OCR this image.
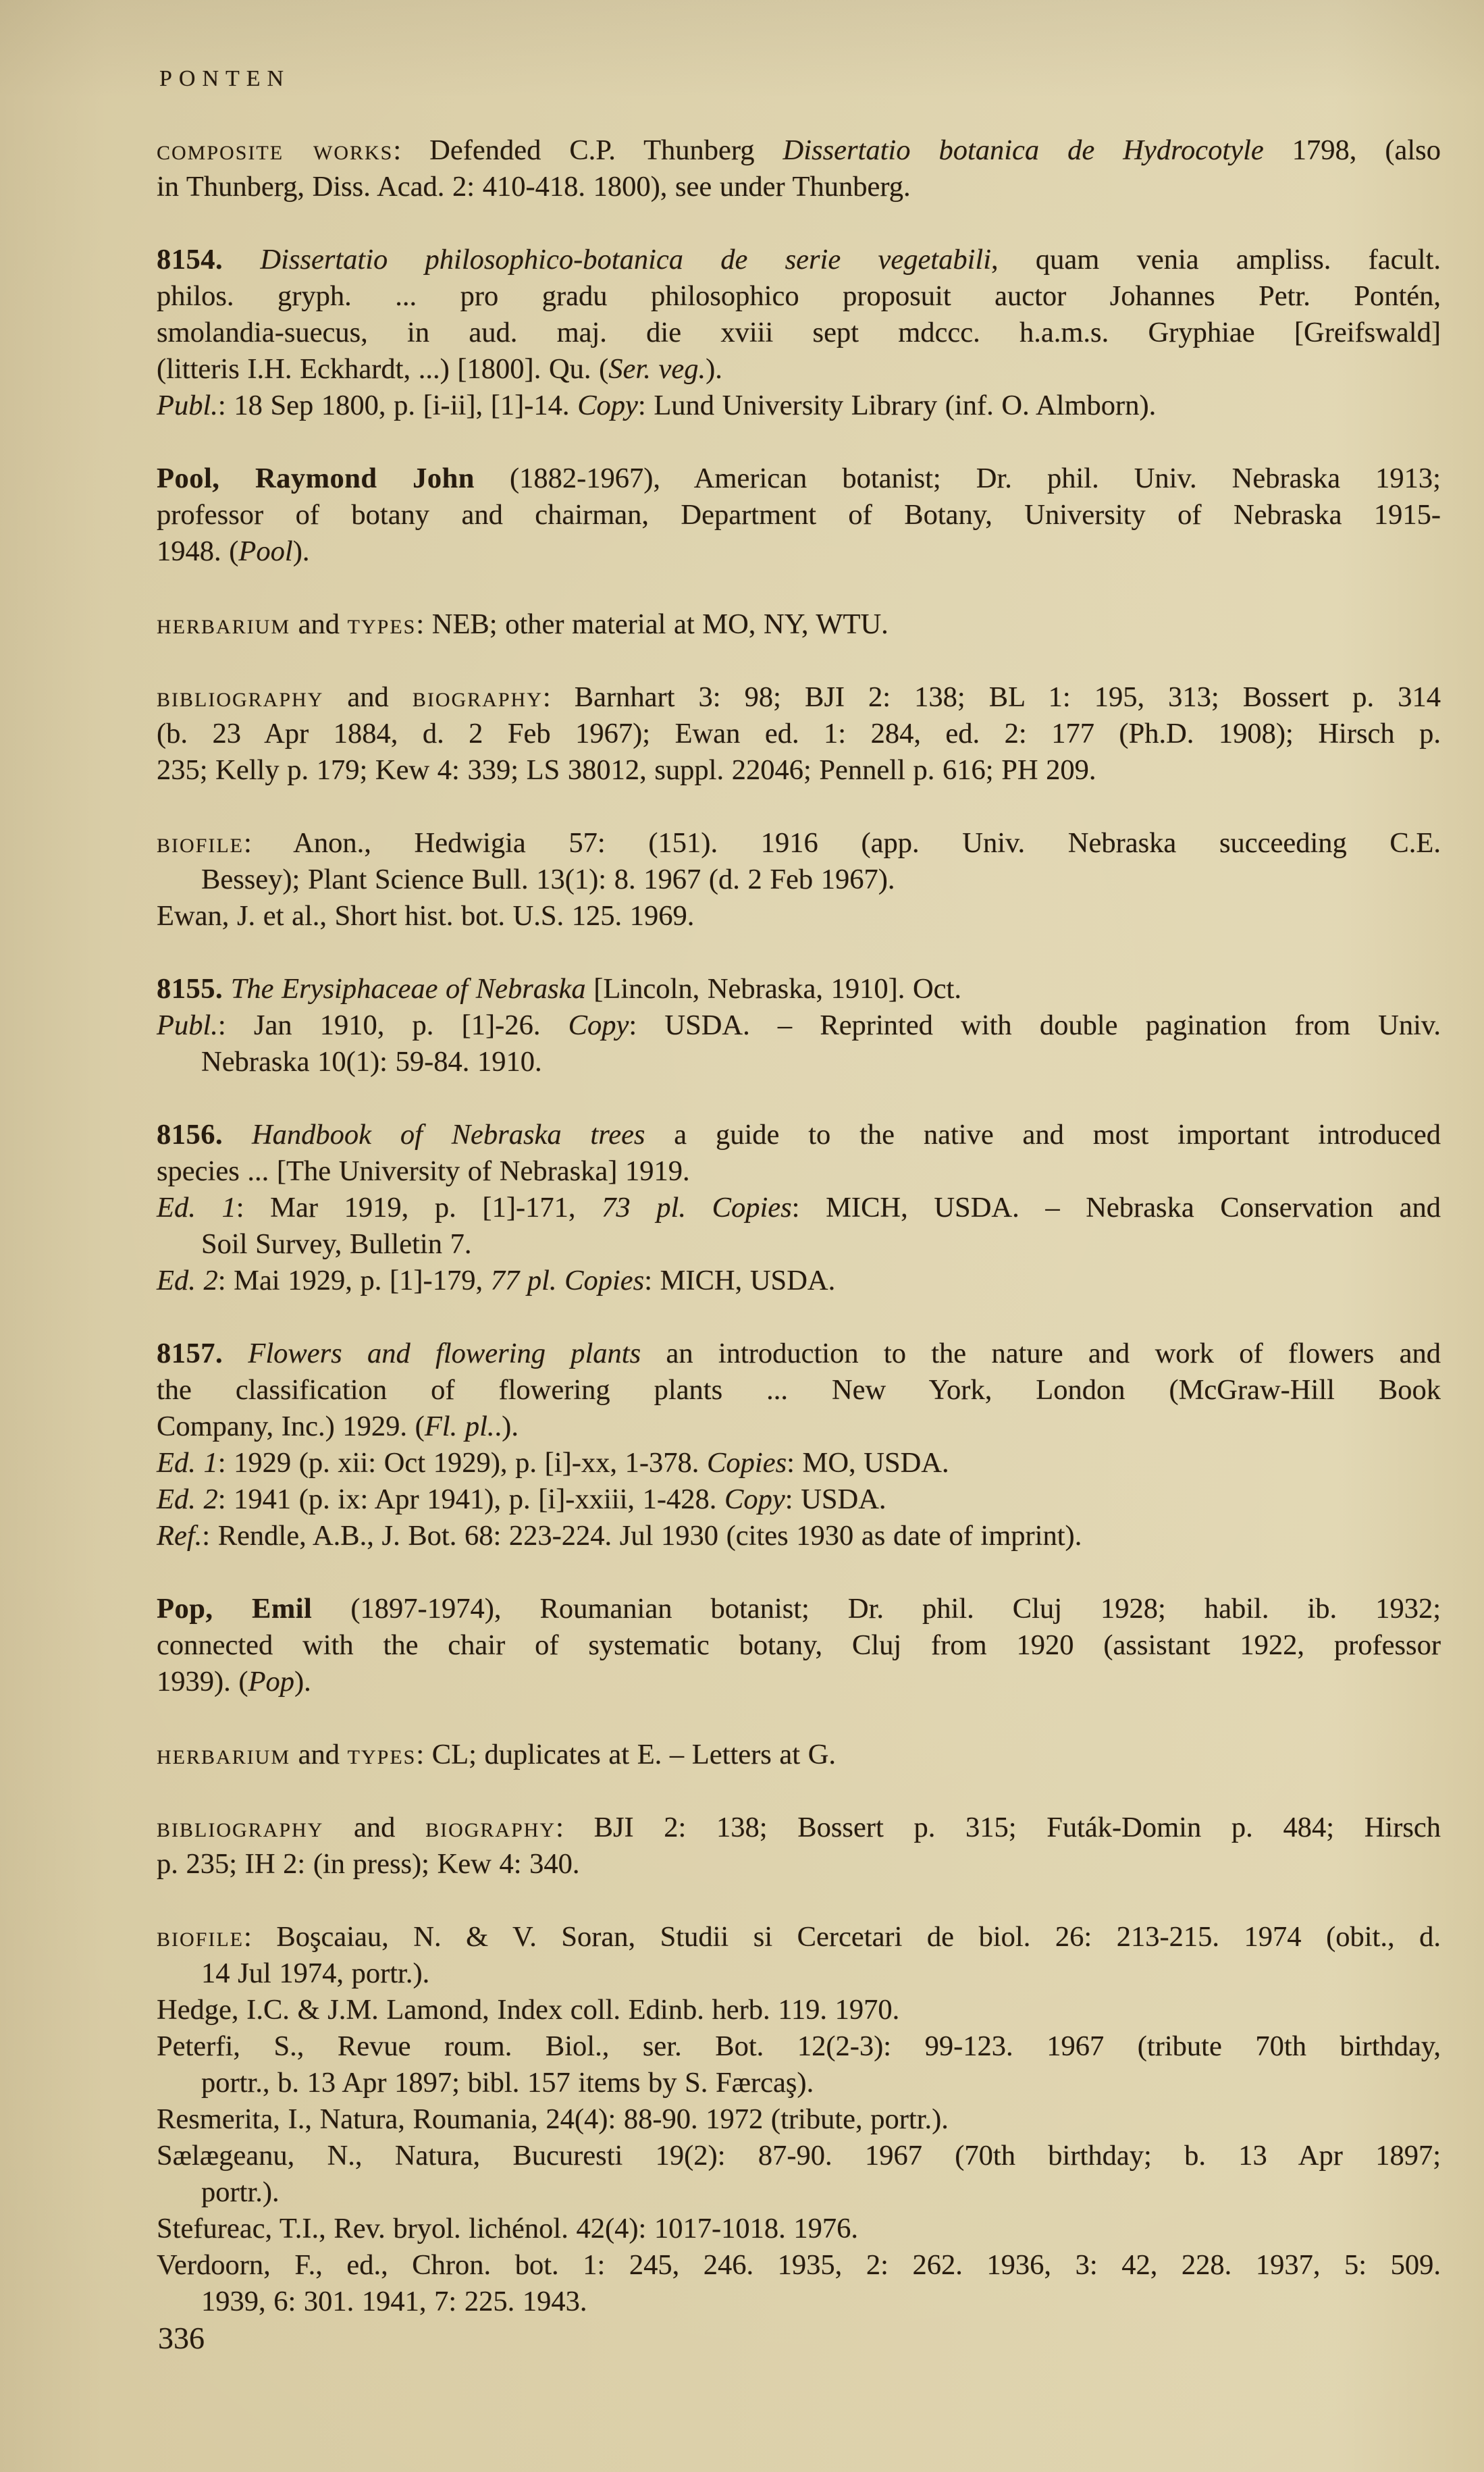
PONTEN
composite works: Defended C.P. Thunberg Dissertatio botanica de Hydrocotyle 1798, (also
in Thunberg, Diss. Acad. 2: 410-418. 1800), see under Thunberg.
8154. Dissertatio philosophico-botanica de serie vegetabili, quam venia ampliss. facult.
philos. gryph. ... pro gradu philosophico proposuit auctor Johannes Petr. Pontén,
smolandia-suecus, in aud. maj. die xviii sept mdccc. h.a.m.s. Gryphiae [Greifswald]
(litteris I.H. Eckhardt, ...) [1800]. Qu. (Ser. veg.).
Publ.: 18 Sep 1800, p. [i-ii], [1]-14. Copy: Lund University Library (inf. O. Almborn).
Pool, Raymond John (1882-1967), American botanist; Dr. phil. Univ. Nebraska 1913;
professor of botany and chairman, Department of Botany, University of Nebraska 1915-
1948. (Pool).
herbarium and types: NEB; other material at MO, NY, WTU.
bibliography and biography: Barnhart 3: 98; BJI 2: 138; BL 1: 195, 313; Bossert p. 314
(b. 23 Apr 1884, d. 2 Feb 1967); Ewan ed. 1: 284, ed. 2: 177 (Ph.D. 1908); Hirsch p.
235; Kelly p. 179; Kew 4: 339; LS 38012, suppl. 22046; Pennell p. 616; PH 209.
biofile: Anon., Hedwigia 57: (151). 1916 (app. Univ. Nebraska succeeding C.E.
Bessey); Plant Science Bull. 13(1): 8. 1967 (d. 2 Feb 1967).
Ewan, J. et al., Short hist. bot. U.S. 125. 1969.
8155. The Erysiphaceae of Nebraska [Lincoln, Nebraska, 1910]. Oct.
Publ.: Jan 1910, p. [1]-26. Copy: USDA. – Reprinted with double pagination from Univ.
Nebraska 10(1): 59-84. 1910.
8156. Handbook of Nebraska trees a guide to the native and most important introduced
species ... [The University of Nebraska] 1919.
Ed. 1: Mar 1919, p. [1]-171, 73 pl. Copies: MICH, USDA. – Nebraska Conservation and
Soil Survey, Bulletin 7.
Ed. 2: Mai 1929, p. [1]-179, 77 pl. Copies: MICH, USDA.
8157. Flowers and flowering plants an introduction to the nature and work of flowers and
the classification of flowering plants ... New York, London (McGraw-Hill Book
Company, Inc.) 1929. (Fl. pl..).
Ed. 1: 1929 (p. xii: Oct 1929), p. [i]-xx, 1-378. Copies: MO, USDA.
Ed. 2: 1941 (p. ix: Apr 1941), p. [i]-xxiii, 1-428. Copy: USDA.
Ref.: Rendle, A.B., J. Bot. 68: 223-224. Jul 1930 (cites 1930 as date of imprint).
Pop, Emil (1897-1974), Roumanian botanist; Dr. phil. Cluj 1928; habil. ib. 1932;
connected with the chair of systematic botany, Cluj from 1920 (assistant 1922, professor
1939). (Pop).
herbarium and types: CL; duplicates at E. – Letters at G.
bibliography and biography: BJI 2: 138; Bossert p. 315; Futák-Domin p. 484; Hirsch
p. 235; IH 2: (in press); Kew 4: 340.
biofile: Boşcaiau, N. & V. Soran, Studii si Cercetari de biol. 26: 213-215. 1974 (obit., d.
14 Jul 1974, portr.).
Hedge, I.C. & J.M. Lamond, Index coll. Edinb. herb. 119. 1970.
Peterfi, S., Revue roum. Biol., ser. Bot. 12(2-3): 99-123. 1967 (tribute 70th birthday,
portr., b. 13 Apr 1897; bibl. 157 items by S. Færcaş).
Resmerita, I., Natura, Roumania, 24(4): 88-90. 1972 (tribute, portr.).
Sælægeanu, N., Natura, Bucuresti 19(2): 87-90. 1967 (70th birthday; b. 13 Apr 1897;
portr.).
Stefureac, T.I., Rev. bryol. lichénol. 42(4): 1017-1018. 1976.
Verdoorn, F., ed., Chron. bot. 1: 245, 246. 1935, 2: 262. 1936, 3: 42, 228. 1937, 5: 509.
1939, 6: 301. 1941, 7: 225. 1943.
336
